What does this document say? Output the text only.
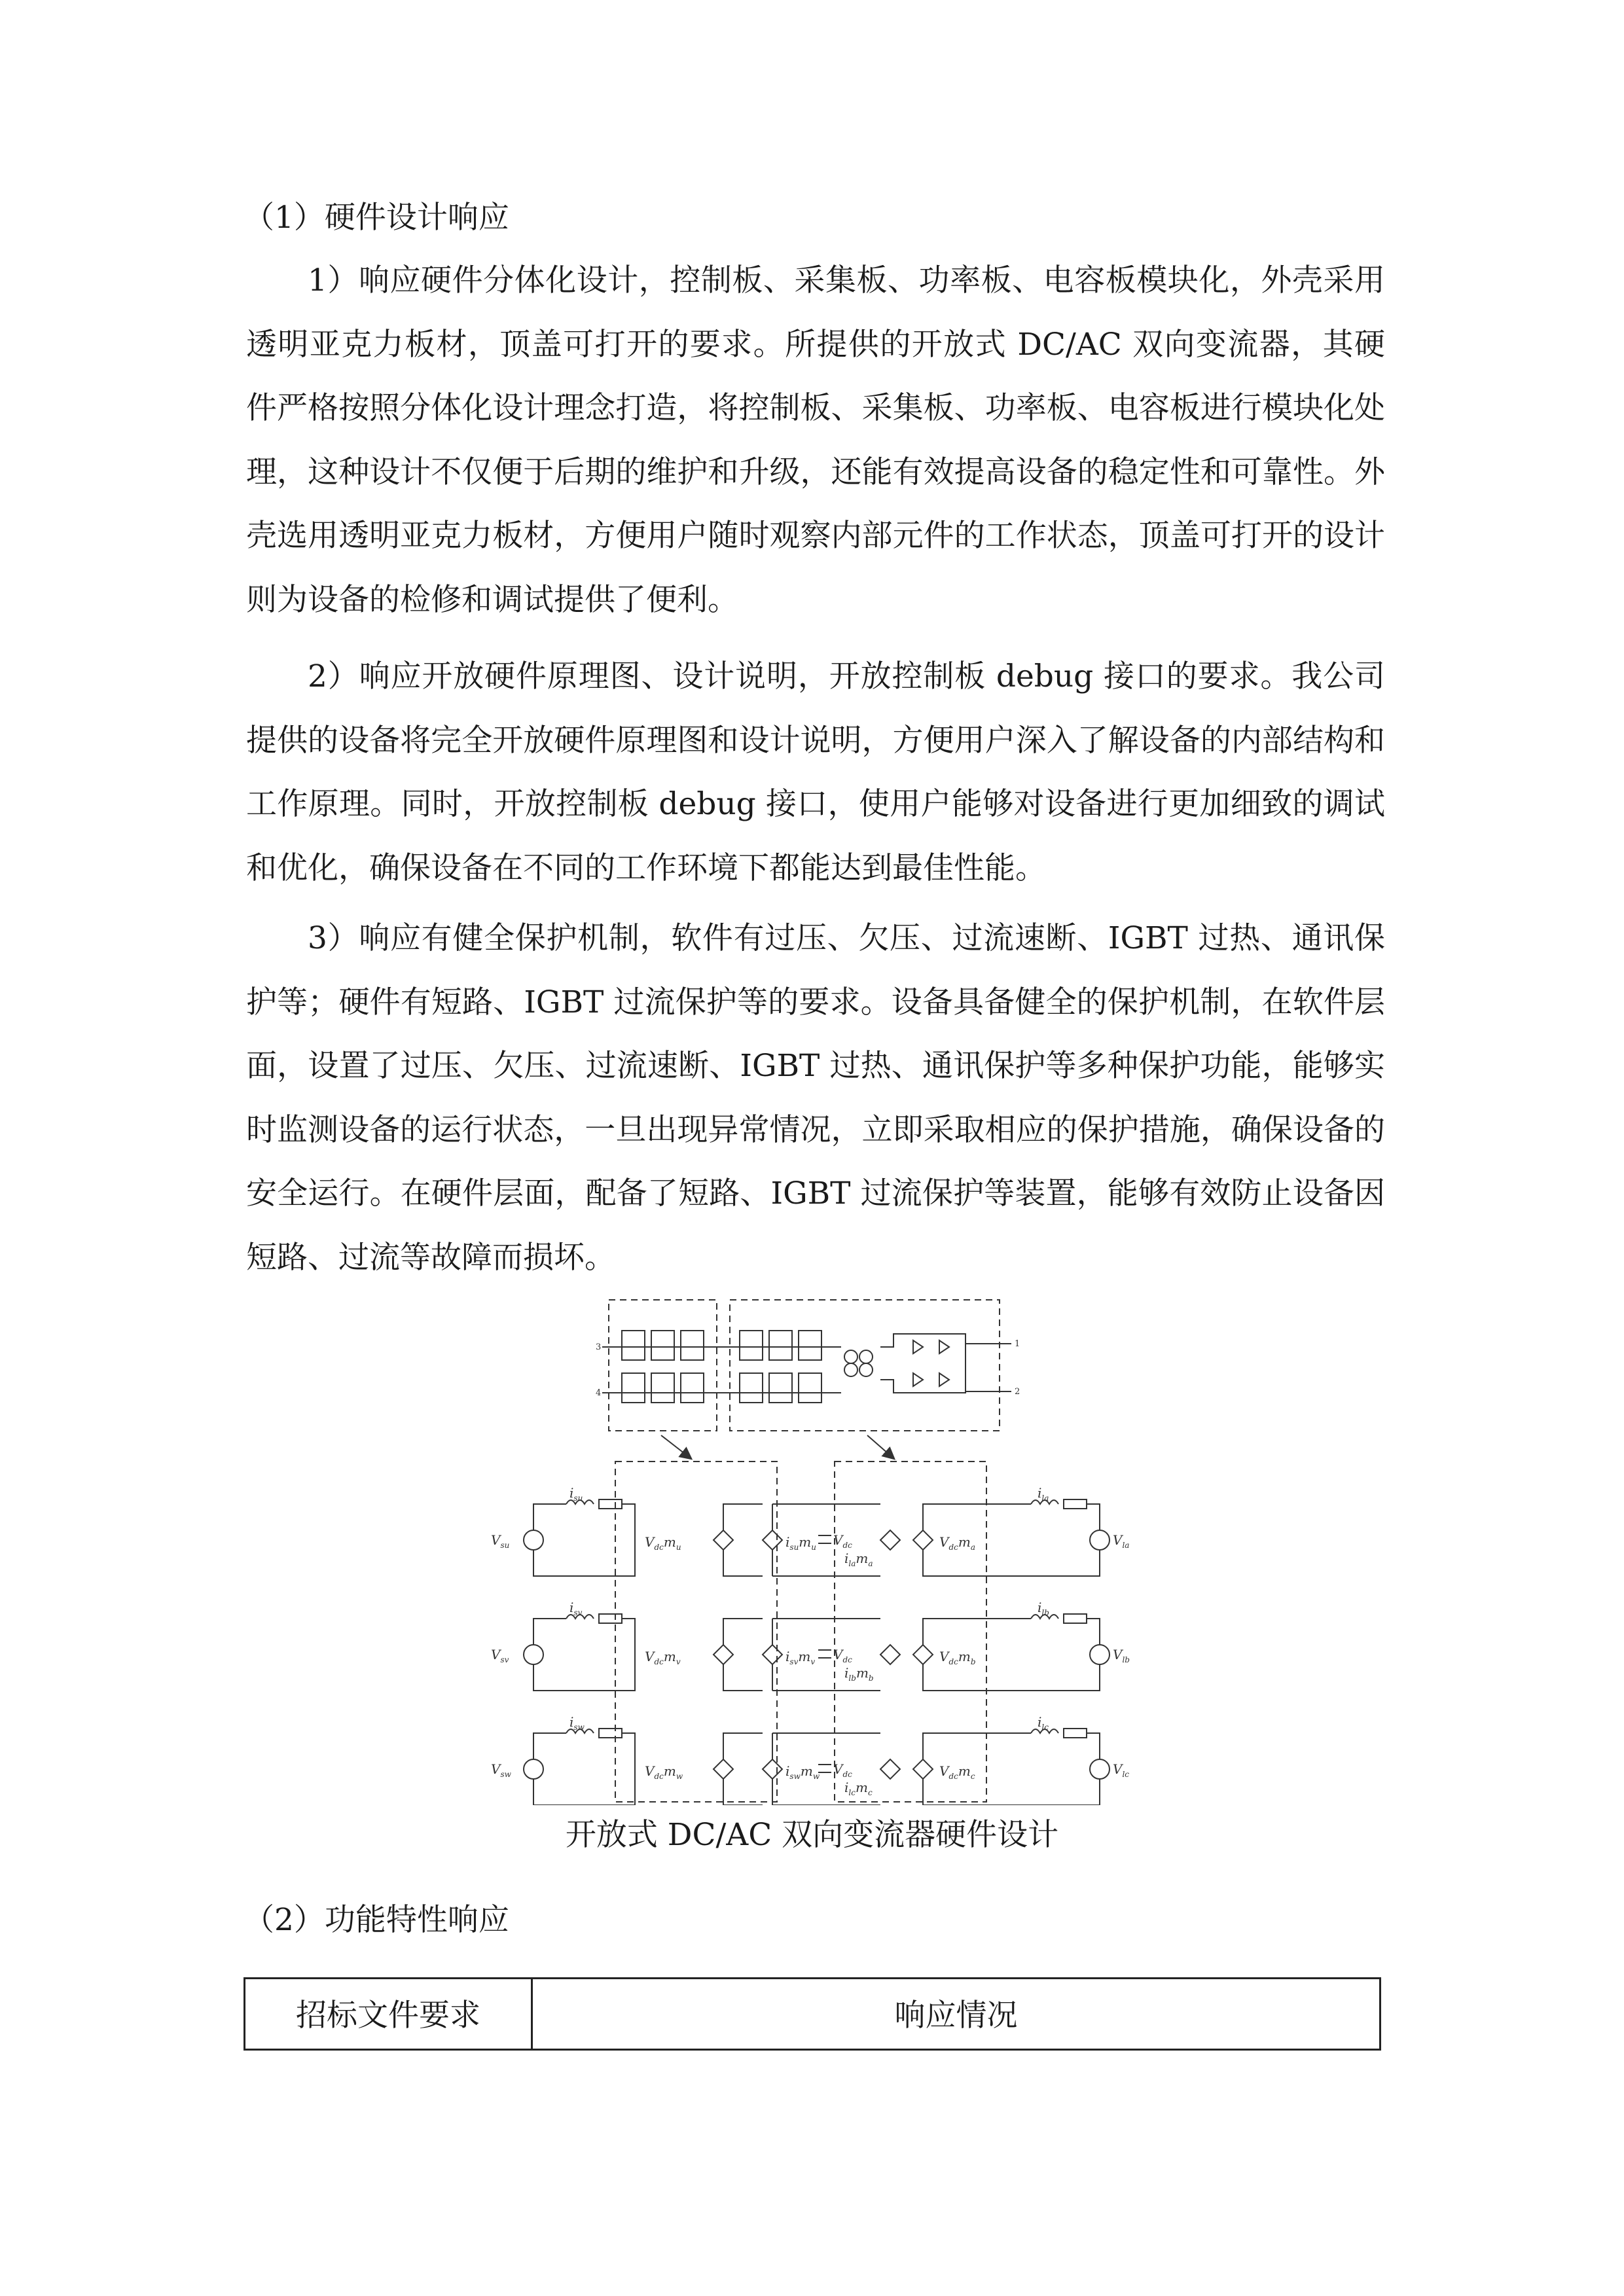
（1）硬件设计响应

1）响应硬件分体化设计，控制板、采集板、功率板、电容板模块化，外壳采用透明亚克力板材，顶盖可打开的要求。所提供的开放式 DC/AC 双向变流器，其硬件严格按照分体化设计理念打造，将控制板、采集板、功率板、电容板进行模块化处理，这种设计不仅便于后期的维护和升级，还能有效提高设备的稳定性和可靠性。外壳选用透明亚克力板材，方便用户随时观察内部元件的工作状态，顶盖可打开的设计则为设备的检修和调试提供了便利。

2）响应开放硬件原理图、设计说明，开放控制板 debug 接口的要求。我公司提供的设备将完全开放硬件原理图和设计说明，方便用户深入了解设备的内部结构和工作原理。同时，开放控制板 debug 接口，使用户能够对设备进行更加细致的调试和优化，确保设备在不同的工作环境下都能达到最佳性能。

3）响应有健全保护机制，软件有过压、欠压、过流速断、IGBT 过热、通讯保护等；硬件有短路、IGBT 过流保护等的要求。设备具备健全的保护机制，在软件层面，设置了过压、欠压、过流速断、IGBT 过热、通讯保护等多种保护功能，能够实时监测设备的运行状态，一旦出现异常情况，立即采取相应的保护措施，确保设备的安全运行。在硬件层面，配备了短路、IGBT 过流保护等装置，能够有效防止设备因短路、过流等故障而损坏。

1
2
3
4
$V_{su}$
$i_{su}$
$V_{dc}m_u$	$i_{su}m_u$ $V_{dc}$
$i_{la}m_a$
$V_{dc}m_a$
$i_{la}$
$V_{la}$
$V_{sv}$
$i_{sv}$
$V_{dc}m_v$	$i_{sv}m_v$ $V_{dc}$
$i_{lb}m_b$
$V_{dc}m_b$
$i_{lb}$
$V_{lb}$
$V_{sw}$
$i_{sw}$
$V_{dc}m_w$	$i_{sw}m_w$ $V_{dc}$
$i_{lc}m_c$
$V_{dc}m_c$
$i_{lc}$
$V_{lc}$

开放式 DC/AC 双向变流器硬件设计

（2）功能特性响应
招标文件要求	响应情况
